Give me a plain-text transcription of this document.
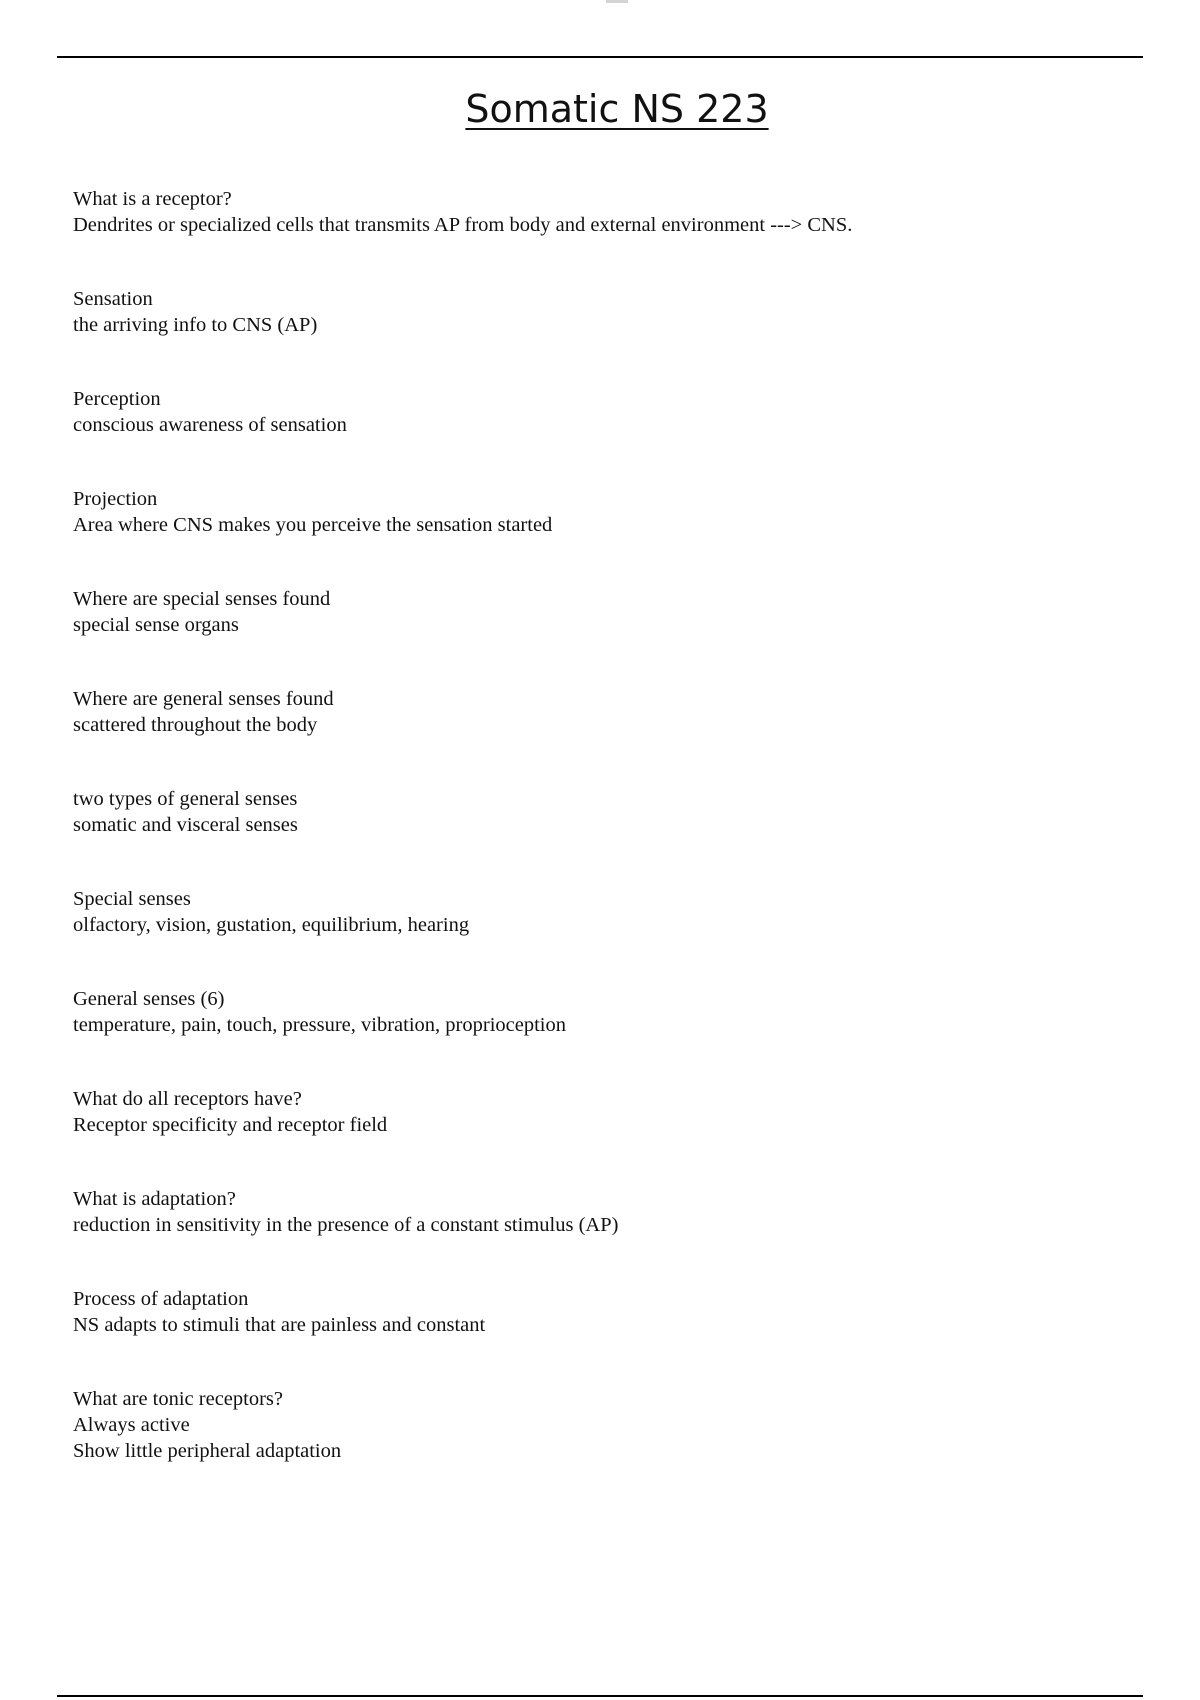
Somatic NS 223
What is a receptor?
Dendrites or specialized cells that transmits AP from body and external environment ---> CNS.
Sensation
the arriving info to CNS (AP)
Perception
conscious awareness of sensation
Projection
Area where CNS makes you perceive the sensation started
Where are special senses found
special sense organs
Where are general senses found
scattered throughout the body
two types of general senses
somatic and visceral senses
Special senses
olfactory, vision, gustation, equilibrium, hearing
General senses (6)
temperature, pain, touch, pressure, vibration, proprioception
What do all receptors have?
Receptor specificity and receptor field
What is adaptation?
reduction in sensitivity in the presence of a constant stimulus (AP)
Process of adaptation
NS adapts to stimuli that are painless and constant
What are tonic receptors?
Always active
Show little peripheral adaptation
